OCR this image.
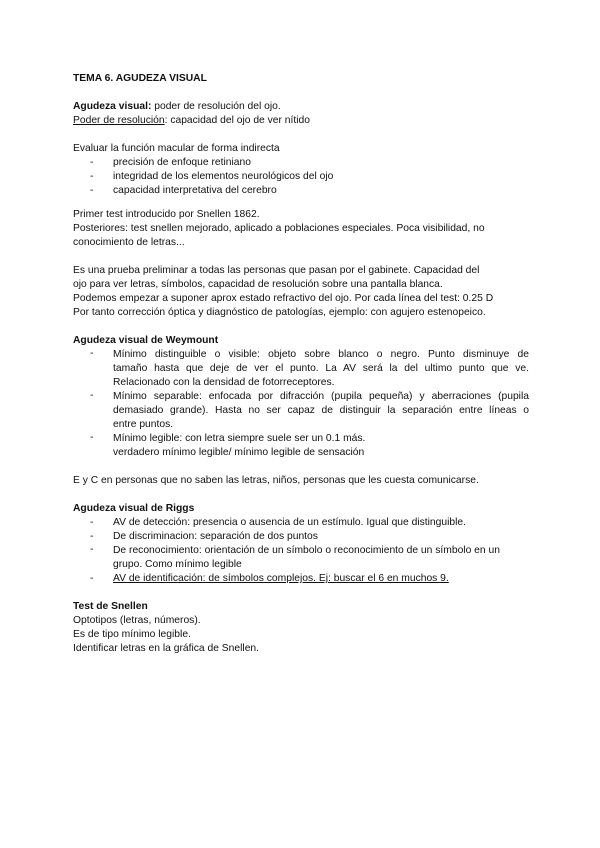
TEMA 6. AGUDEZA VISUAL
Agudeza visual: poder de resolución del ojo.
Poder de resolución: capacidad del ojo de ver nítido
Evaluar la función macular de forma indirecta
- precisión de enfoque retiniano
- integridad de los elementos neurológicos del ojo
- capacidad interpretativa del cerebro
Primer test introducido por Snellen 1862.
Posteriores: test snellen mejorado, aplicado a poblaciones especiales. Poca visibilidad, no
conocimiento de letras...
Es una prueba preliminar a todas las personas que pasan por el gabinete. Capacidad del
ojo para ver letras, símbolos, capacidad de resolución sobre una pantalla blanca.
Podemos empezar a suponer aprox estado refractivo del ojo. Por cada línea del test: 0.25 D
Por tanto corrección óptica y diagnóstico de patologías, ejemplo: con agujero estenopeico.
Agudeza visual de Weymount
- Mínimo distinguible o visible: objeto sobre blanco o negro. Punto disminuye de
tamaño hasta que deje de ver el punto. La AV será la del ultimo punto que ve.
Relacionado con la densidad de fotorreceptores.
- Mínimo separable: enfocada por difracción (pupila pequeña) y aberraciones (pupila
demasiado grande). Hasta no ser capaz de distinguir la separación entre líneas o
entre puntos.
- Mínimo legible: con letra siempre suele ser un 0.1 más.
verdadero mínimo legible/ mínimo legible de sensación
E y C en personas que no saben las letras, niños, personas que les cuesta comunicarse.
Agudeza visual de Riggs
- AV de detección: presencia o ausencia de un estímulo. Igual que distinguible.
- De discriminacion: separación de dos puntos
- De reconocimiento: orientación de un símbolo o reconocimiento de un símbolo en un
grupo. Como mínimo legible
- AV de identificación: de símbolos complejos. Ej: buscar el 6 en muchos 9.
Test de Snellen
Optotipos (letras, números).
Es de tipo mínimo legible.
Identificar letras en la gráfica de Snellen.
